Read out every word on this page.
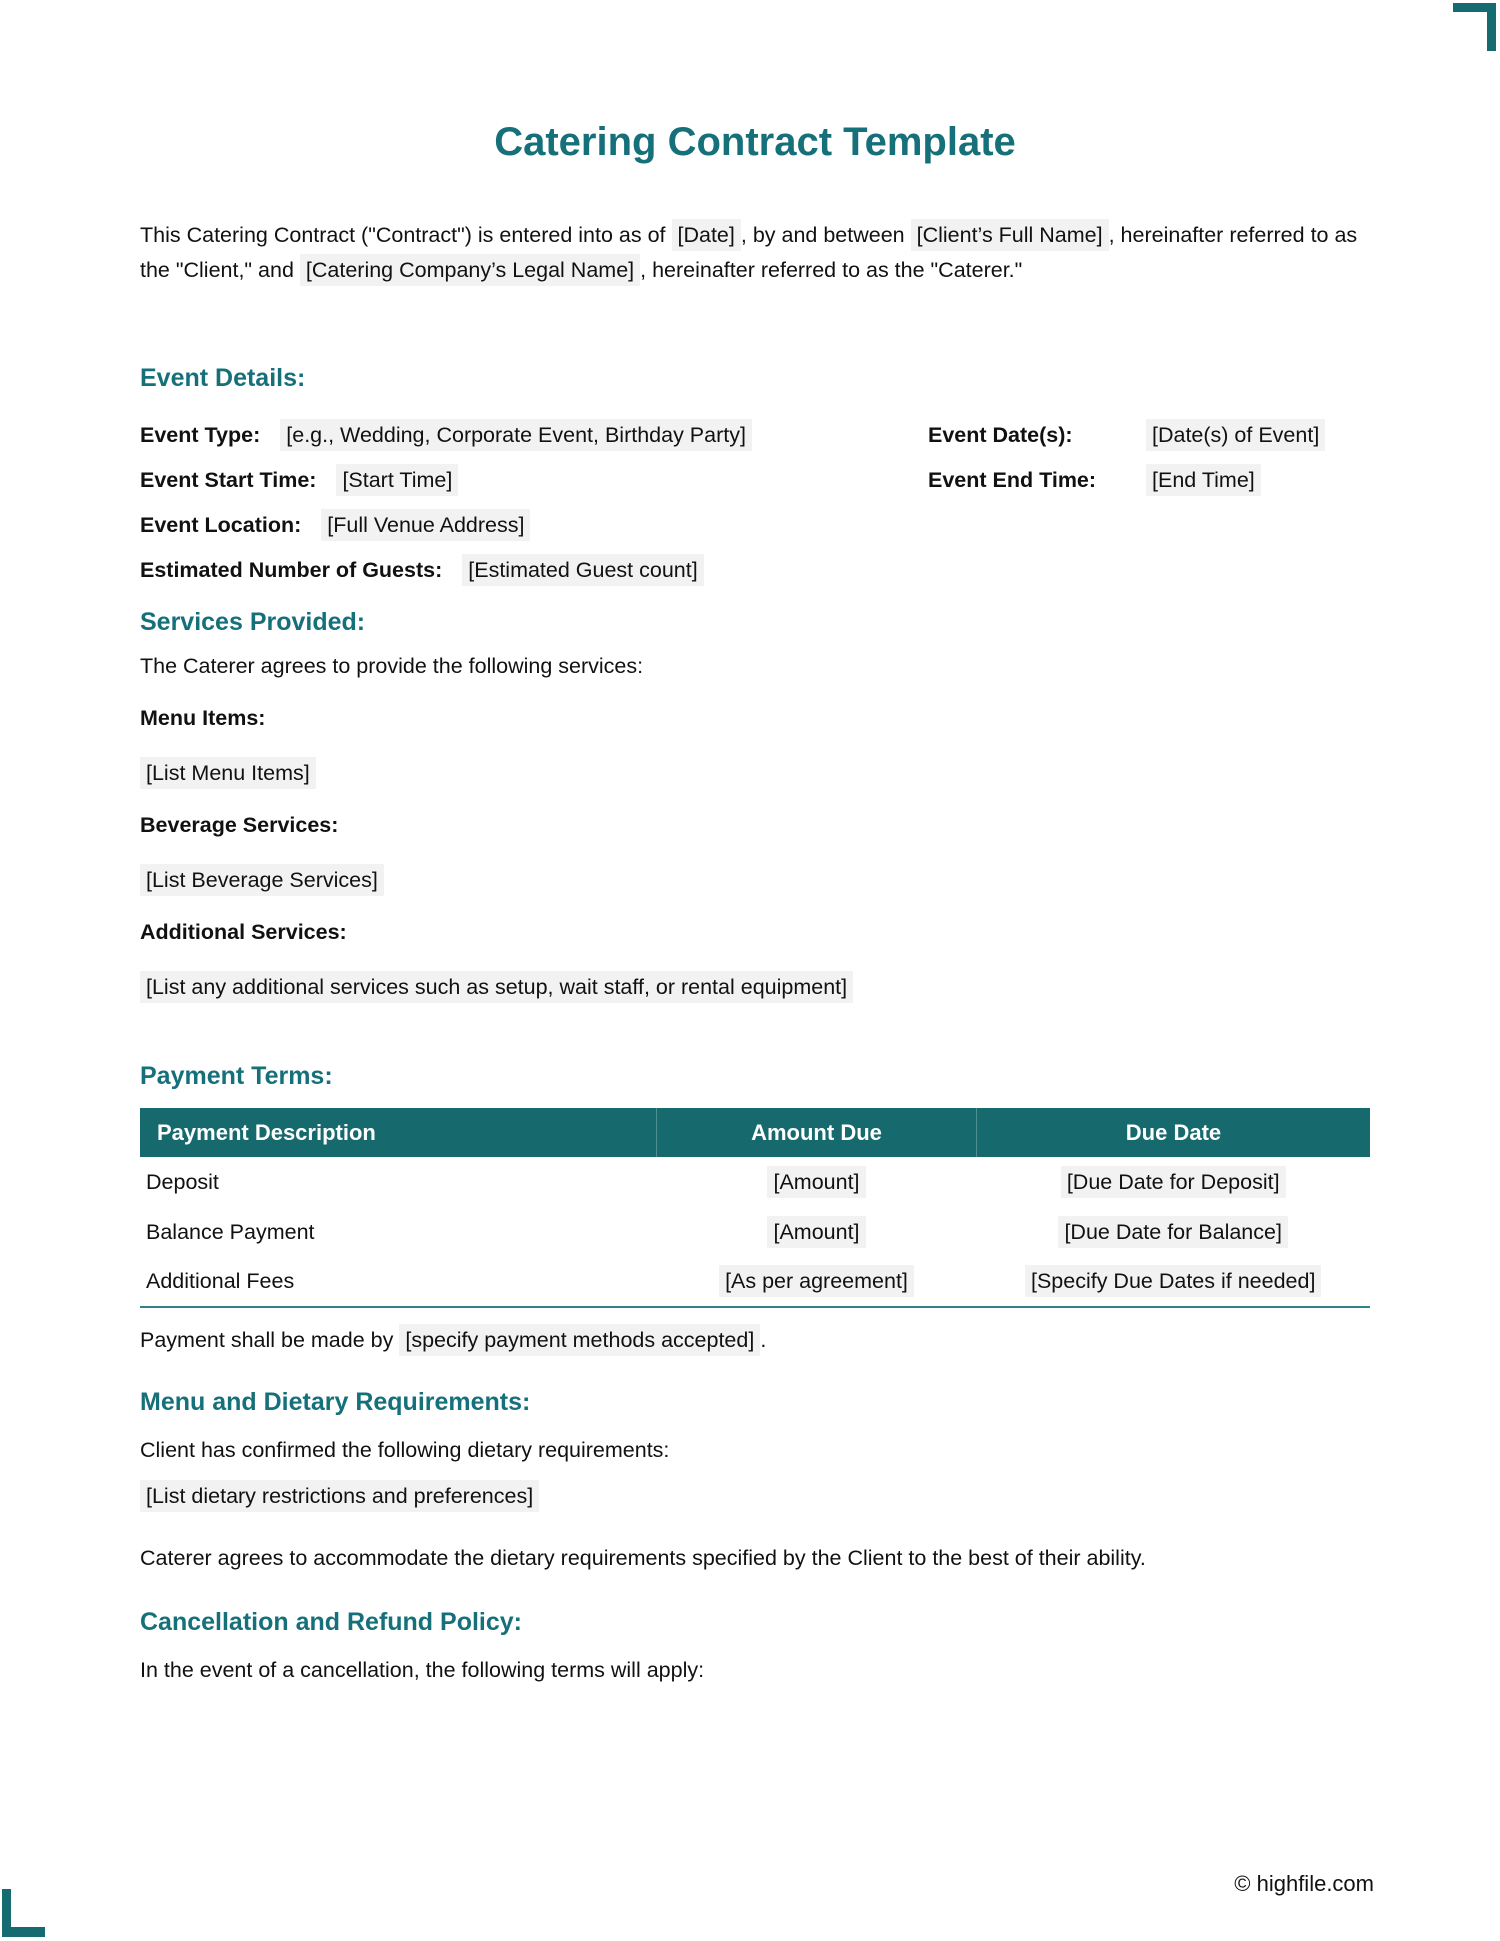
Catering Contract Template

This Catering Contract ("Contract") is entered into as of [Date] , by and between [Client’s Full Name] , hereinafter referred to as the "Client," and [Catering Company’s Legal Name] , hereinafter referred to as the "Caterer."

Event Details:
Event Type: [e.g., Wedding, Corporate Event, Birthday Party]	Event Date(s):	[Date(s) of Event]
Event Start Time: [Start Time]	Event End Time:	[End Time]
Event Location: [Full Venue Address]
Estimated Number of Guests: [Estimated Guest count]
Services Provided:

The Caterer agrees to provide the following services:

Menu Items:

[List Menu Items]

Beverage Services:

[List Beverage Services]

Additional Services:

[List any additional services such as setup, wait staff, or rental equipment]

Payment Terms:
Payment Description	Amount Due	Due Date
Deposit	[Amount]	[Due Date for Deposit]
Balance Payment	[Amount]	[Due Date for Balance]
Additional Fees	[As per agreement]	[Specify Due Dates if needed]

Payment shall be made by [specify payment methods accepted] .

Menu and Dietary Requirements:

Client has confirmed the following dietary requirements:

[List dietary restrictions and preferences]

Caterer agrees to accommodate the dietary requirements specified by the Client to the best of their ability.

Cancellation and Refund Policy:

In the event of a cancellation, the following terms will apply:

© highfile.com
